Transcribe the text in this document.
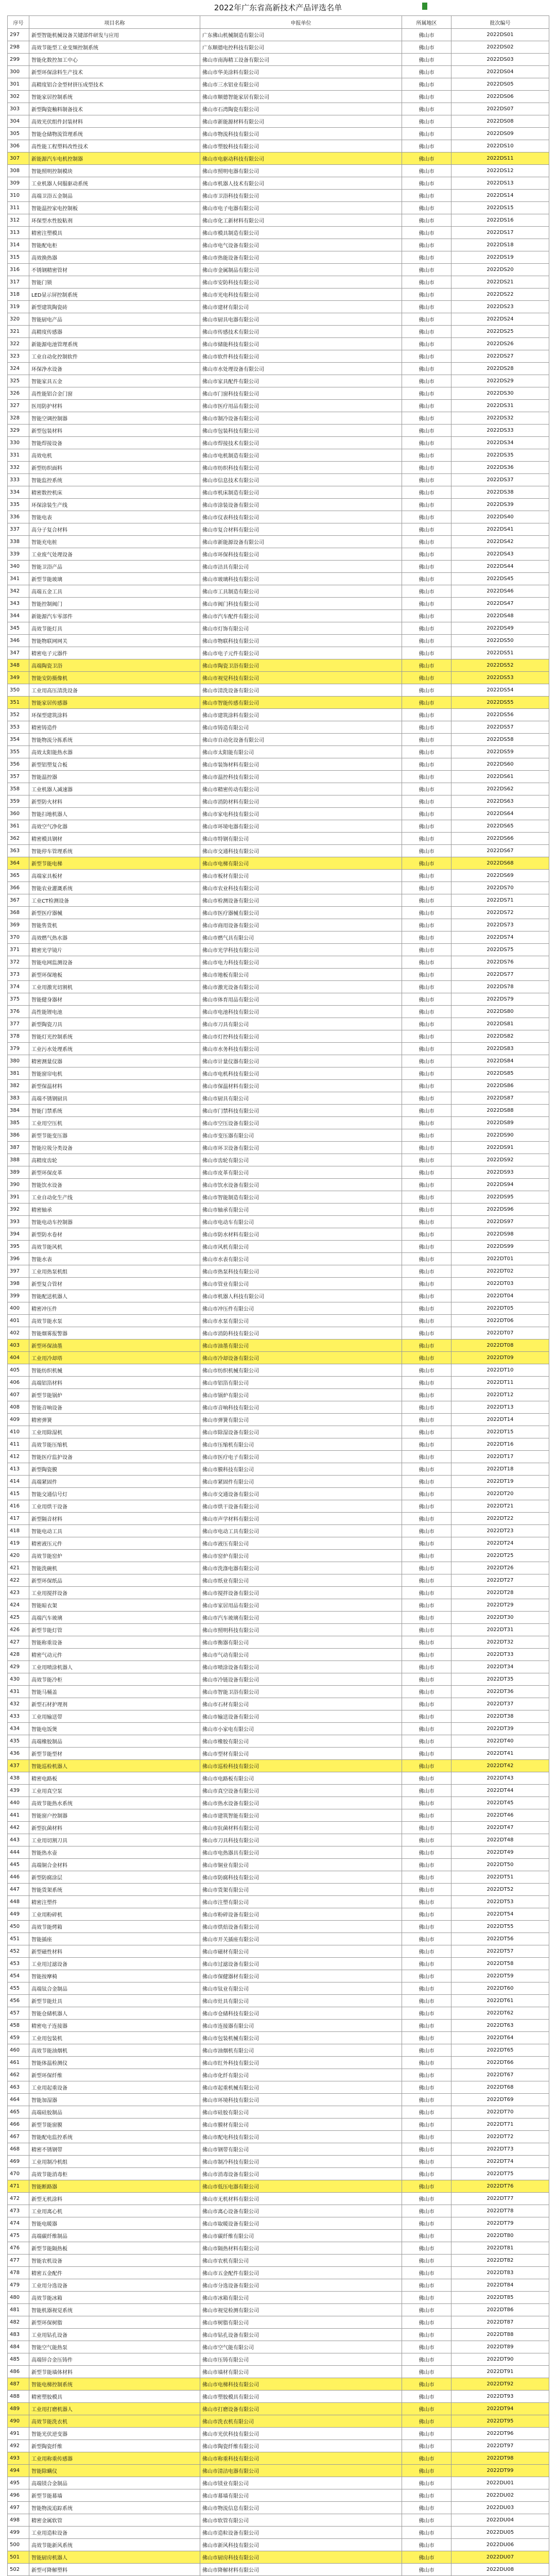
2022年广东省高新技术产品评选名单
序号	项目名称	申报单位	所属地区	批次编号
297	新型智能机械设备关键部件研发与应用	广东佛山机械制造有限公司	佛山市	2022DS01
298	高效节能型工业变频控制系统	广东顺德电控科技有限公司	佛山市	2022DS02
299	智能化数控加工中心	佛山市南海精工设备有限公司	佛山市	2022DS03
300	新型环保涂料生产技术	佛山市华美涂料有限公司	佛山市	2022DS04
301	高精度铝合金型材挤压成型技术	佛山市三水铝业有限公司	佛山市	2022DS05
302	智能家居控制系统	佛山市顺德智能家居有限公司	佛山市	2022DS06
303	新型陶瓷釉料制备技术	佛山市石湾陶瓷有限公司	佛山市	2022DS07
304	高效光伏组件封装材料	佛山市新能源材料有限公司	佛山市	2022DS08
305	智能仓储物流管理系统	佛山市物流科技有限公司	佛山市	2022DS09
306	高性能工程塑料改性技术	佛山市塑胶科技有限公司	佛山市	2022DS10
307	新能源汽车电机控制器	佛山市电驱动科技有限公司	佛山市	2022DS11
308	智能照明控制模块	佛山市照明电器有限公司	佛山市	2022DS12
309	工业机器人伺服驱动系统	佛山市机器人技术有限公司	佛山市	2022DS13
310	高端卫浴五金制品	佛山市卫浴科技有限公司	佛山市	2022DS14
311	智能温控家电控制板	佛山市电子电器有限公司	佛山市	2022DS15
312	环保型水性胶粘剂	佛山市化工新材料有限公司	佛山市	2022DS16
313	精密注塑模具	佛山市模具制造有限公司	佛山市	2022DS17
314	智能配电柜	佛山市电气设备有限公司	佛山市	2022DS18
315	高效换热器	佛山市热能设备有限公司	佛山市	2022DS19
316	不锈钢精密管材	佛山市金属制品有限公司	佛山市	2022DS20
317	智能门锁	佛山市安防科技有限公司	佛山市	2022DS21
318	LED显示屏控制系统	佛山市光电科技有限公司	佛山市	2022DS22
319	新型建筑陶瓷砖	佛山市建材有限公司	佛山市	2022DS23
320	智能厨电产品	佛山市厨具电器有限公司	佛山市	2022DS24
321	高精度传感器	佛山市传感技术有限公司	佛山市	2022DS25
322	新能源电池管理系统	佛山市储能科技有限公司	佛山市	2022DS26
323	工业自动化控制软件	佛山市软件科技有限公司	佛山市	2022DS27
324	环保净水设备	佛山市水处理设备有限公司	佛山市	2022DS28
325	智能家具五金	佛山市家具配件有限公司	佛山市	2022DS29
326	高性能铝合金门窗	佛山市门窗科技有限公司	佛山市	2022DS30
327	医用防护材料	佛山市医疗用品有限公司	佛山市	2022DS31
328	智能空调控制器	佛山市制冷设备有限公司	佛山市	2022DS32
329	新型包装材料	佛山市包装科技有限公司	佛山市	2022DS33
330	智能焊接设备	佛山市焊接技术有限公司	佛山市	2022DS34
331	高效电机	佛山市电机制造有限公司	佛山市	2022DS35
332	新型纺织面料	佛山市纺织科技有限公司	佛山市	2022DS36
333	智能监控系统	佛山市信息技术有限公司	佛山市	2022DS37
334	精密数控机床	佛山市机床制造有限公司	佛山市	2022DS38
335	环保涂装生产线	佛山市涂装设备有限公司	佛山市	2022DS39
336	智能电表	佛山市仪表科技有限公司	佛山市	2022DS40
337	高分子复合材料	佛山市复合材料有限公司	佛山市	2022DS41
338	智能充电桩	佛山市新能源设备有限公司	佛山市	2022DS42
339	工业废气处理设备	佛山市环保科技有限公司	佛山市	2022DS43
340	智能卫浴产品	佛山市洁具有限公司	佛山市	2022DS44
341	新型节能玻璃	佛山市玻璃科技有限公司	佛山市	2022DS45
342	高端五金工具	佛山市工具制造有限公司	佛山市	2022DS46
343	智能控制阀门	佛山市阀门科技有限公司	佛山市	2022DS47
344	新能源汽车零部件	佛山市汽车配件有限公司	佛山市	2022DS48
345	高效节能灯具	佛山市灯饰有限公司	佛山市	2022DS49
346	智能物联网网关	佛山市物联科技有限公司	佛山市	2022DS50
347	精密电子元器件	佛山市电子元件有限公司	佛山市	2022DS51
348	高端陶瓷卫浴	佛山市陶瓷卫浴有限公司	佛山市	2022DS52
349	智能安防摄像机	佛山市视觉科技有限公司	佛山市	2022DS53
350	工业用高压清洗设备	佛山市清洗设备有限公司	佛山市	2022DS54
351	智能家居传感器	佛山市智能传感有限公司	佛山市	2022DS55
352	环保型建筑涂料	佛山市建筑涂料有限公司	佛山市	2022DS56
353	精密铸造件	佛山市铸造有限公司	佛山市	2022DS57
354	智能物流分拣系统	佛山市自动化设备有限公司	佛山市	2022DS58
355	高效太阳能热水器	佛山市太阳能有限公司	佛山市	2022DS59
356	新型铝塑复合板	佛山市装饰材料有限公司	佛山市	2022DS60
357	智能温控器	佛山市温控科技有限公司	佛山市	2022DS61
358	工业机器人减速器	佛山市精密传动有限公司	佛山市	2022DS62
359	新型防火材料	佛山市消防材料有限公司	佛山市	2022DS63
360	智能扫地机器人	佛山市家电科技有限公司	佛山市	2022DS64
361	高效空气净化器	佛山市环境电器有限公司	佛山市	2022DS65
362	精密模具钢材	佛山市特钢有限公司	佛山市	2022DS66
363	智能停车管理系统	佛山市交通科技有限公司	佛山市	2022DS67
364	新型节能电梯	佛山市电梯有限公司	佛山市	2022DS68
365	高端家具板材	佛山市板材有限公司	佛山市	2022DS69
366	智能农业灌溉系统	佛山市农业科技有限公司	佛山市	2022DS70
367	工业CT检测设备	佛山市检测设备有限公司	佛山市	2022DS71
368	新型医疗器械	佛山市医疗器械有限公司	佛山市	2022DS72
369	智能售货机	佛山市商用设备有限公司	佛山市	2022DS73
370	高效燃气热水器	佛山市燃气具有限公司	佛山市	2022DS74
371	精密光学镜片	佛山市光学科技有限公司	佛山市	2022DS75
372	智能电网监测设备	佛山市电力科技有限公司	佛山市	2022DS76
373	新型环保地板	佛山市地板有限公司	佛山市	2022DS77
374	工业用激光切割机	佛山市激光设备有限公司	佛山市	2022DS78
375	智能健身器材	佛山市体育用品有限公司	佛山市	2022DS79
376	高性能锂电池	佛山市电池科技有限公司	佛山市	2022DS80
377	新型陶瓷刀具	佛山市刀具有限公司	佛山市	2022DS81
378	智能灯光控制系统	佛山市灯控科技有限公司	佛山市	2022DS82
379	工业污水处理系统	佛山市水务科技有限公司	佛山市	2022DS83
380	精密测量仪器	佛山市计量仪器有限公司	佛山市	2022DS84
381	智能窗帘电机	佛山市电机科技有限公司	佛山市	2022DS85
382	新型保温材料	佛山市保温材料有限公司	佛山市	2022DS86
383	高端不锈钢厨具	佛山市厨具有限公司	佛山市	2022DS87
384	智能门禁系统	佛山市门禁科技有限公司	佛山市	2022DS88
385	工业用空压机	佛山市空压设备有限公司	佛山市	2022DS89
386	新型节能变压器	佛山市变压器有限公司	佛山市	2022DS90
387	智能垃圾分类设备	佛山市环卫设备有限公司	佛山市	2022DS91
388	高精度齿轮	佛山市齿轮有限公司	佛山市	2022DS92
389	新型环保皮革	佛山市皮革有限公司	佛山市	2022DS93
390	智能饮水设备	佛山市饮水设备有限公司	佛山市	2022DS94
391	工业自动化生产线	佛山市智能制造有限公司	佛山市	2022DS95
392	精密轴承	佛山市轴承有限公司	佛山市	2022DS96
393	智能电动车控制器	佛山市电动车有限公司	佛山市	2022DS97
394	新型防水卷材	佛山市防水材料有限公司	佛山市	2022DS98
395	高效节能风机	佛山市风机有限公司	佛山市	2022DS99
396	智能水表	佛山市水表有限公司	佛山市	2022DT01
397	工业用热泵机组	佛山市热泵科技有限公司	佛山市	2022DT02
398	新型复合管材	佛山市管业有限公司	佛山市	2022DT03
399	智能配送机器人	佛山市机器人科技有限公司	佛山市	2022DT04
400	精密冲压件	佛山市冲压件有限公司	佛山市	2022DT05
401	高效节能水泵	佛山市水泵有限公司	佛山市	2022DT06
402	智能烟雾报警器	佛山市消防科技有限公司	佛山市	2022DT07
403	新型环保油墨	佛山市油墨有限公司	佛山市	2022DT08
404	工业用冷却塔	佛山市冷却设备有限公司	佛山市	2022DT09
405	智能纺织机械	佛山市纺织机械有限公司	佛山市	2022DT10
406	高端铝箔材料	佛山市铝箔有限公司	佛山市	2022DT11
407	新型节能锅炉	佛山市锅炉有限公司	佛山市	2022DT12
408	智能音响设备	佛山市音响科技有限公司	佛山市	2022DT13
409	精密弹簧	佛山市弹簧有限公司	佛山市	2022DT14
410	工业用除湿机	佛山市除湿设备有限公司	佛山市	2022DT15
411	高效节能压缩机	佛山市压缩机有限公司	佛山市	2022DT16
412	智能医疗监护设备	佛山市医疗电子有限公司	佛山市	2022DT17
413	新型陶瓷膜	佛山市膜科技有限公司	佛山市	2022DT18
414	高端紧固件	佛山市紧固件有限公司	佛山市	2022DT19
415	智能交通信号灯	佛山市交通设备有限公司	佛山市	2022DT20
416	工业用烘干设备	佛山市烘干设备有限公司	佛山市	2022DT21
417	新型隔音材料	佛山市声学材料有限公司	佛山市	2022DT22
418	智能电动工具	佛山市电动工具有限公司	佛山市	2022DT23
419	精密液压元件	佛山市液压有限公司	佛山市	2022DT24
420	高效节能窑炉	佛山市窑炉有限公司	佛山市	2022DT25
421	智能洗碗机	佛山市洗涤电器有限公司	佛山市	2022DT26
422	新型环保纸品	佛山市纸业有限公司	佛山市	2022DT27
423	工业用搅拌设备	佛山市搅拌设备有限公司	佛山市	2022DT28
424	智能晾衣架	佛山市家居用品有限公司	佛山市	2022DT29
425	高端汽车玻璃	佛山市汽车玻璃有限公司	佛山市	2022DT30
426	新型节能灯管	佛山市照明科技有限公司	佛山市	2022DT31
427	智能称重设备	佛山市衡器有限公司	佛山市	2022DT32
428	精密气动元件	佛山市气动有限公司	佛山市	2022DT33
429	工业用喷涂机器人	佛山市喷涂设备有限公司	佛山市	2022DT34
430	高效节能冷柜	佛山市冷链设备有限公司	佛山市	2022DT35
431	智能马桶盖	佛山市智能卫浴有限公司	佛山市	2022DT36
432	新型石材护理剂	佛山市石材有限公司	佛山市	2022DT37
433	工业用输送带	佛山市输送设备有限公司	佛山市	2022DT38
434	智能电饭煲	佛山市小家电有限公司	佛山市	2022DT39
435	高端橡胶制品	佛山市橡胶有限公司	佛山市	2022DT40
436	新型节能型材	佛山市型材有限公司	佛山市	2022DT41
437	智能巡检机器人	佛山市巡检科技有限公司	佛山市	2022DT42
438	精密电路板	佛山市电路板有限公司	佛山市	2022DT43
439	工业用真空泵	佛山市真空设备有限公司	佛山市	2022DT44
440	高效节能热水系统	佛山市热水设备有限公司	佛山市	2022DT45
441	智能窗户控制器	佛山市建筑智能有限公司	佛山市	2022DT46
442	新型抗菌材料	佛山市抗菌材料有限公司	佛山市	2022DT47
443	工业用切割刀具	佛山市刀具科技有限公司	佛山市	2022DT48
444	智能热水壶	佛山市电热器具有限公司	佛山市	2022DT49
445	高端铜合金材料	佛山市铜业有限公司	佛山市	2022DT50
446	新型防腐涂层	佛山市防腐科技有限公司	佛山市	2022DT51
447	智能货架系统	佛山市货架有限公司	佛山市	2022DT52
448	精密注塑件	佛山市注塑有限公司	佛山市	2022DT53
449	工业用粉碎机	佛山市粉碎设备有限公司	佛山市	2022DT54
450	高效节能烤箱	佛山市烘焙设备有限公司	佛山市	2022DT55
451	智能插座	佛山市开关插座有限公司	佛山市	2022DT56
452	新型磁性材料	佛山市磁材有限公司	佛山市	2022DT57
453	工业用过滤设备	佛山市过滤设备有限公司	佛山市	2022DT58
454	智能按摩椅	佛山市保健器材有限公司	佛山市	2022DT59
455	高端钛合金制品	佛山市钛业有限公司	佛山市	2022DT60
456	新型节能灶具	佛山市灶具有限公司	佛山市	2022DT61
457	智能仓储机器人	佛山市仓储科技有限公司	佛山市	2022DT62
458	精密电子连接器	佛山市连接器有限公司	佛山市	2022DT63
459	工业用包装机	佛山市包装机械有限公司	佛山市	2022DT64
460	高效节能油烟机	佛山市油烟机有限公司	佛山市	2022DT65
461	智能体温检测仪	佛山市红外科技有限公司	佛山市	2022DT66
462	新型环保纤维	佛山市化纤有限公司	佛山市	2022DT67
463	工业用起重设备	佛山市起重机械有限公司	佛山市	2022DT68
464	智能加湿器	佛山市环境科技有限公司	佛山市	2022DT69
465	高端硅胶制品	佛山市硅胶有限公司	佛山市	2022DT70
466	新型节能窗膜	佛山市膜材有限公司	佛山市	2022DT71
467	智能配电监控系统	佛山市配电科技有限公司	佛山市	2022DT72
468	精密不锈钢带	佛山市钢带有限公司	佛山市	2022DT73
469	工业用制冷机组	佛山市制冷科技有限公司	佛山市	2022DT74
470	高效节能消毒柜	佛山市消毒设备有限公司	佛山市	2022DT75
471	智能断路器	佛山市低压电器有限公司	佛山市	2022DT76
472	新型无机涂料	佛山市无机材料有限公司	佛山市	2022DT77
473	工业用离心机	佛山市离心设备有限公司	佛山市	2022DT78
474	智能电暖器	佛山市取暖设备有限公司	佛山市	2022DT79
475	高端碳纤维制品	佛山市碳纤维有限公司	佛山市	2022DT80
476	新型节能隔热板	佛山市隔热材料有限公司	佛山市	2022DT81
477	智能农机设备	佛山市农机有限公司	佛山市	2022DT82
478	精密五金配件	佛山市五金配件有限公司	佛山市	2022DT83
479	工业用分选设备	佛山市分选设备有限公司	佛山市	2022DT84
480	高效节能冰箱	佛山市冰箱有限公司	佛山市	2022DT85
481	智能机器视觉系统	佛山市视觉检测有限公司	佛山市	2022DT86
482	新型环保树脂	佛山市树脂有限公司	佛山市	2022DT87
483	工业用钻孔设备	佛山市钻孔设备有限公司	佛山市	2022DT88
484	智能空气能热泵	佛山市空气能有限公司	佛山市	2022DT89
485	高端锌合金压铸件	佛山市压铸有限公司	佛山市	2022DT90
486	新型节能墙体材料	佛山市墙材有限公司	佛山市	2022DT91
487	智能电梯控制系统	佛山市电梯科技有限公司	佛山市	2022DT92
488	精密塑胶模具	佛山市塑胶模具有限公司	佛山市	2022DT93
489	工业用打磨机器人	佛山市打磨设备有限公司	佛山市	2022DT94
490	高效节能洗衣机	佛山市洗衣机有限公司	佛山市	2022DT95
491	智能光伏逆变器	佛山市光伏科技有限公司	佛山市	2022DT96
492	新型陶瓷纤维	佛山市陶瓷纤维有限公司	佛山市	2022DT97
493	工业用称重传感器	佛山市称重科技有限公司	佛山市	2022DT98
494	智能除螨仪	佛山市清洁电器有限公司	佛山市	2022DT99
495	高端镁合金制品	佛山市镁业有限公司	佛山市	2022DU01
496	新型节能幕墙	佛山市幕墙有限公司	佛山市	2022DU02
497	智能物流追踪系统	佛山市物流信息有限公司	佛山市	2022DU03
498	精密金属软管	佛山市软管有限公司	佛山市	2022DU04
499	工业用造粒设备	佛山市造粒设备有限公司	佛山市	2022DU05
500	高效节能新风系统	佛山市新风科技有限公司	佛山市	2022DU06
501	智能厨房机器人	佛山市厨房科技有限公司	佛山市	2022DU07
502	新型可降解塑料	佛山市降解材料有限公司	佛山市	2022DU08
